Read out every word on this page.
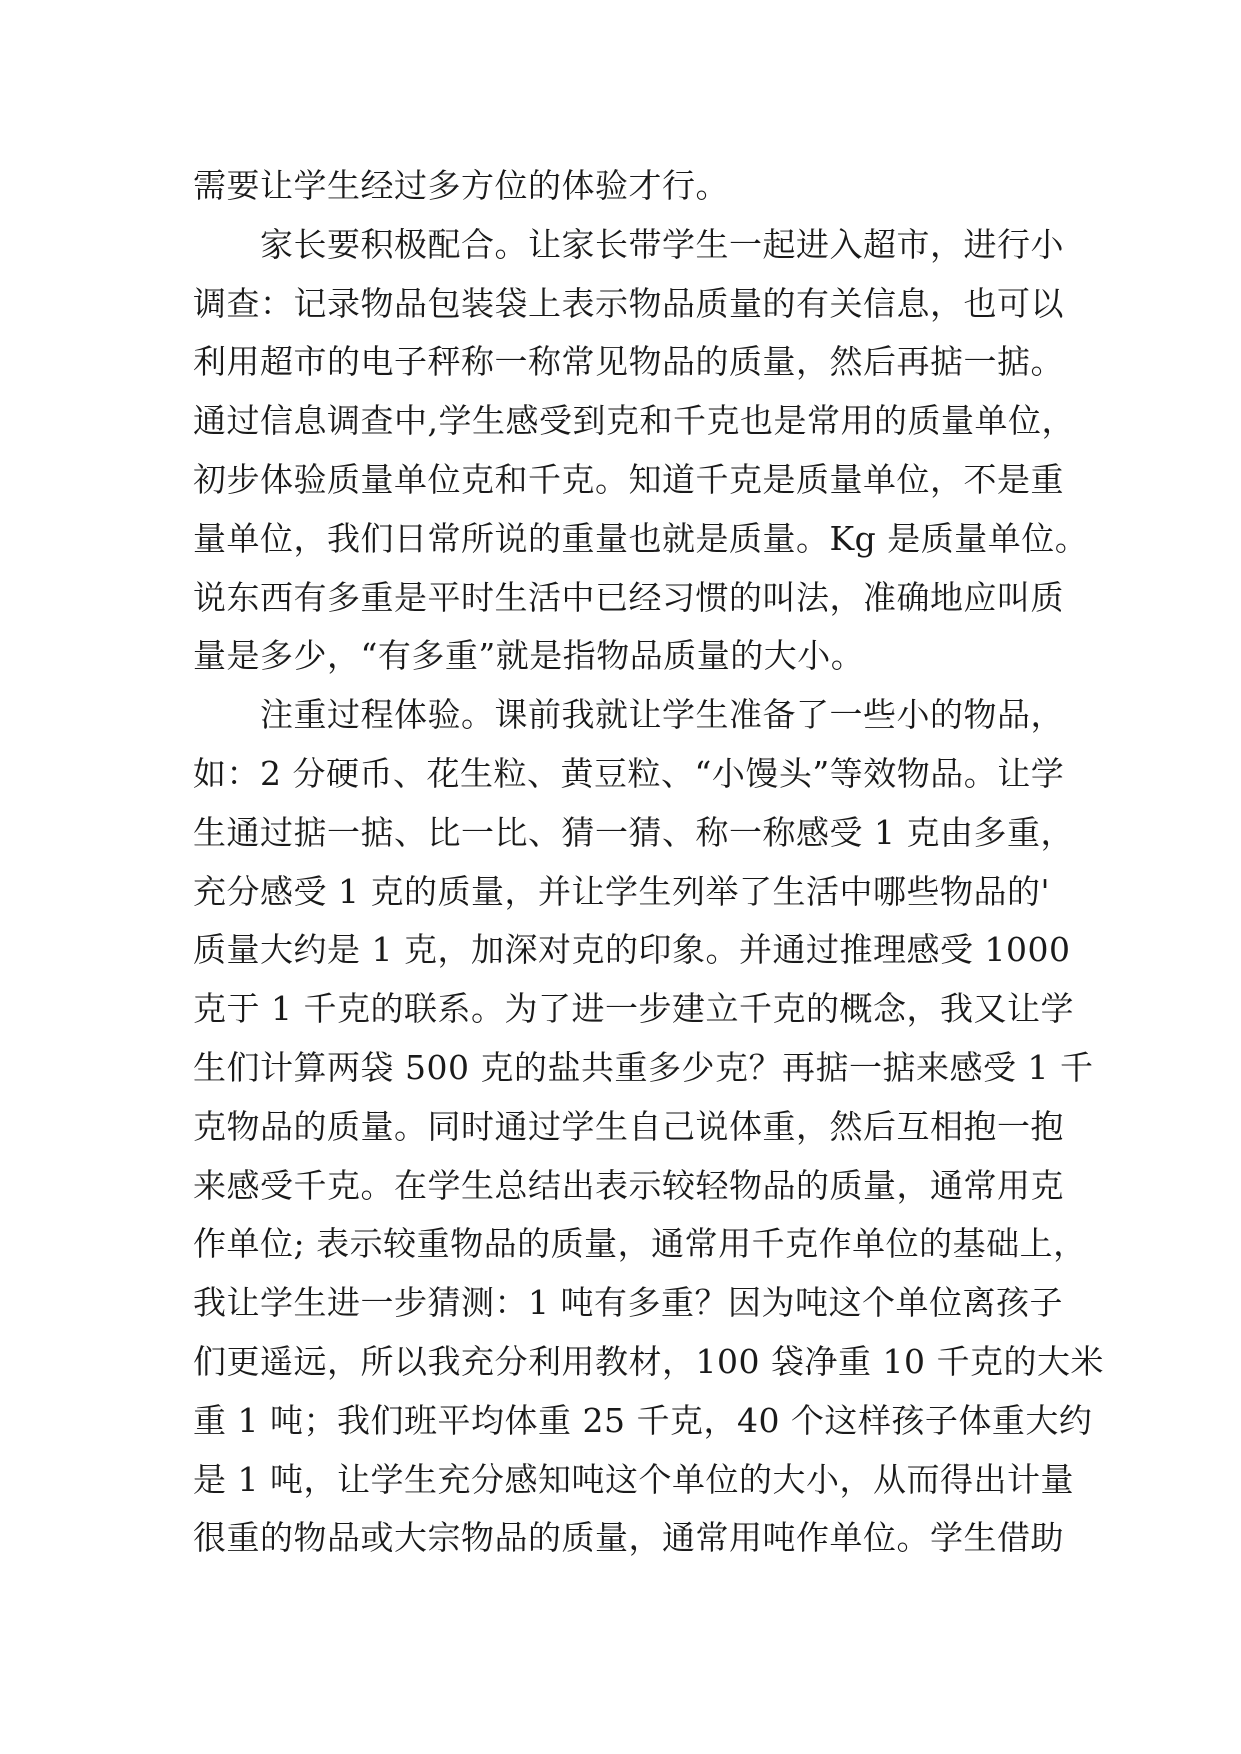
需要让学生经过多方位的体验才行。
　　家长要积极配合。让家长带学生一起进入超市，进行小
调查：记录物品包装袋上表示物品质量的有关信息，也可以
利用超市的电子秤称一称常见物品的质量，然后再掂一掂。
通过信息调查中,学生感受到克和千克也是常用的质量单位，
初步体验质量单位克和千克。知道千克是质量单位，不是重
量单位，我们日常所说的重量也就是质量。Kg 是质量单位。
说东西有多重是平时生活中已经习惯的叫法，准确地应叫质
量是多少，“有多重”就是指物品质量的大小。
　　注重过程体验。课前我就让学生准备了一些小的物品，
如：2 分硬币、花生粒、黄豆粒、“小馒头”等效物品。让学
生通过掂一掂、比一比、猜一猜、称一称感受 1 克由多重，
充分感受 1 克的质量，并让学生列举了生活中哪些物品的'
质量大约是 1 克，加深对克的印象。并通过推理感受 1000
克于 1 千克的联系。为了进一步建立千克的概念，我又让学
生们计算两袋 500 克的盐共重多少克？再掂一掂来感受 1 千
克物品的质量。同时通过学生自己说体重，然后互相抱一抱
来感受千克。在学生总结出表示较轻物品的质量，通常用克
作单位; 表示较重物品的质量，通常用千克作单位的基础上，
我让学生进一步猜测：1 吨有多重？因为吨这个单位离孩子
们更遥远，所以我充分利用教材，100 袋净重 10 千克的大米
重 1 吨；我们班平均体重 25 千克，40 个这样孩子体重大约
是 1 吨，让学生充分感知吨这个单位的大小，从而得出计量
很重的物品或大宗物品的质量，通常用吨作单位。学生借助
